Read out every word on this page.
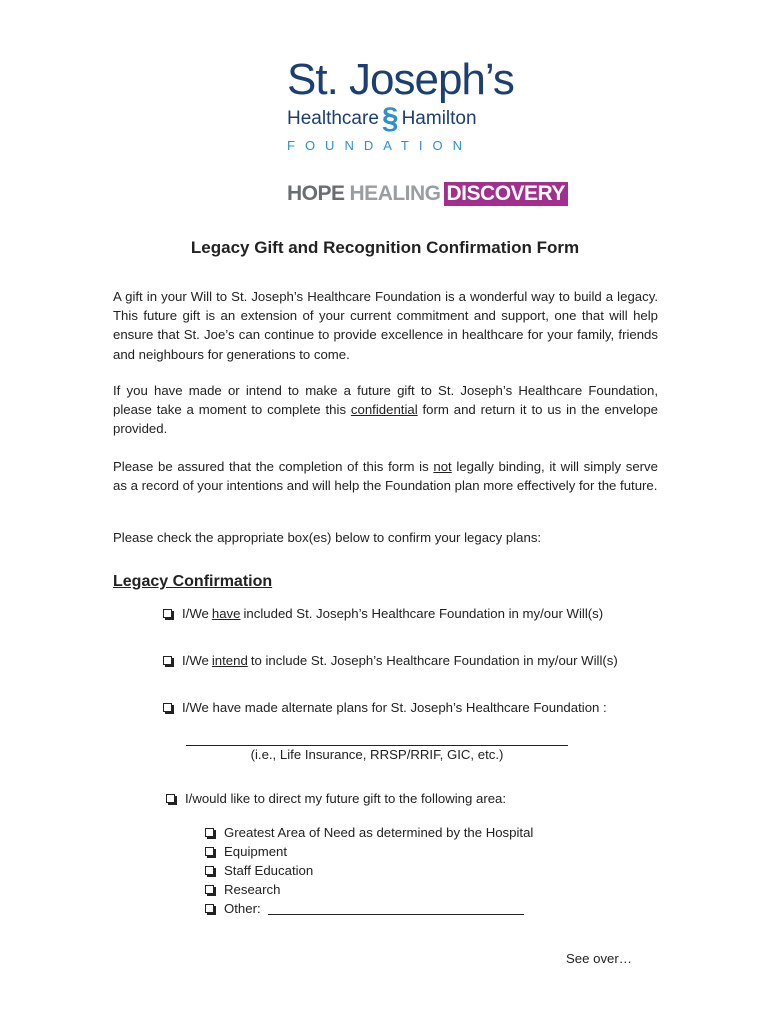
St. Joseph’s
Healthcare § Hamilton
FOUNDATION
HOPE HEALING DISCOVERY
Legacy Gift and Recognition Confirmation Form

A gift in your Will to St. Joseph’s Healthcare Foundation is a wonderful way to build a legacy. This future gift is an extension of your current commitment and support, one that will help ensure that St. Joe’s can continue to provide excellence in healthcare for your family, friends and neighbours for generations to come.

If you have made or intend to make a future gift to St. Joseph’s Healthcare Foundation, please take a moment to complete this confidential form and return it to us in the envelope provided.

Please be assured that the completion of this form is not legally binding, it will simply serve as a record of your intentions and will help the Foundation plan more effectively for the future.

Please check the appropriate box(es) below to confirm your legacy plans:

Legacy Confirmation
I/We have included St. Joseph’s Healthcare Foundation in my/our Will(s)
I/We intend to include St. Joseph’s Healthcare Foundation in my/our Will(s)
I/We have made alternate plans for St. Joseph’s Healthcare Foundation :
(i.e., Life Insurance, RRSP/RRIF, GIC, etc.)
I/would like to direct my future gift to the following area:
Greatest Area of Need as determined by the Hospital
Equipment
Staff Education
Research
Other:
See over…
